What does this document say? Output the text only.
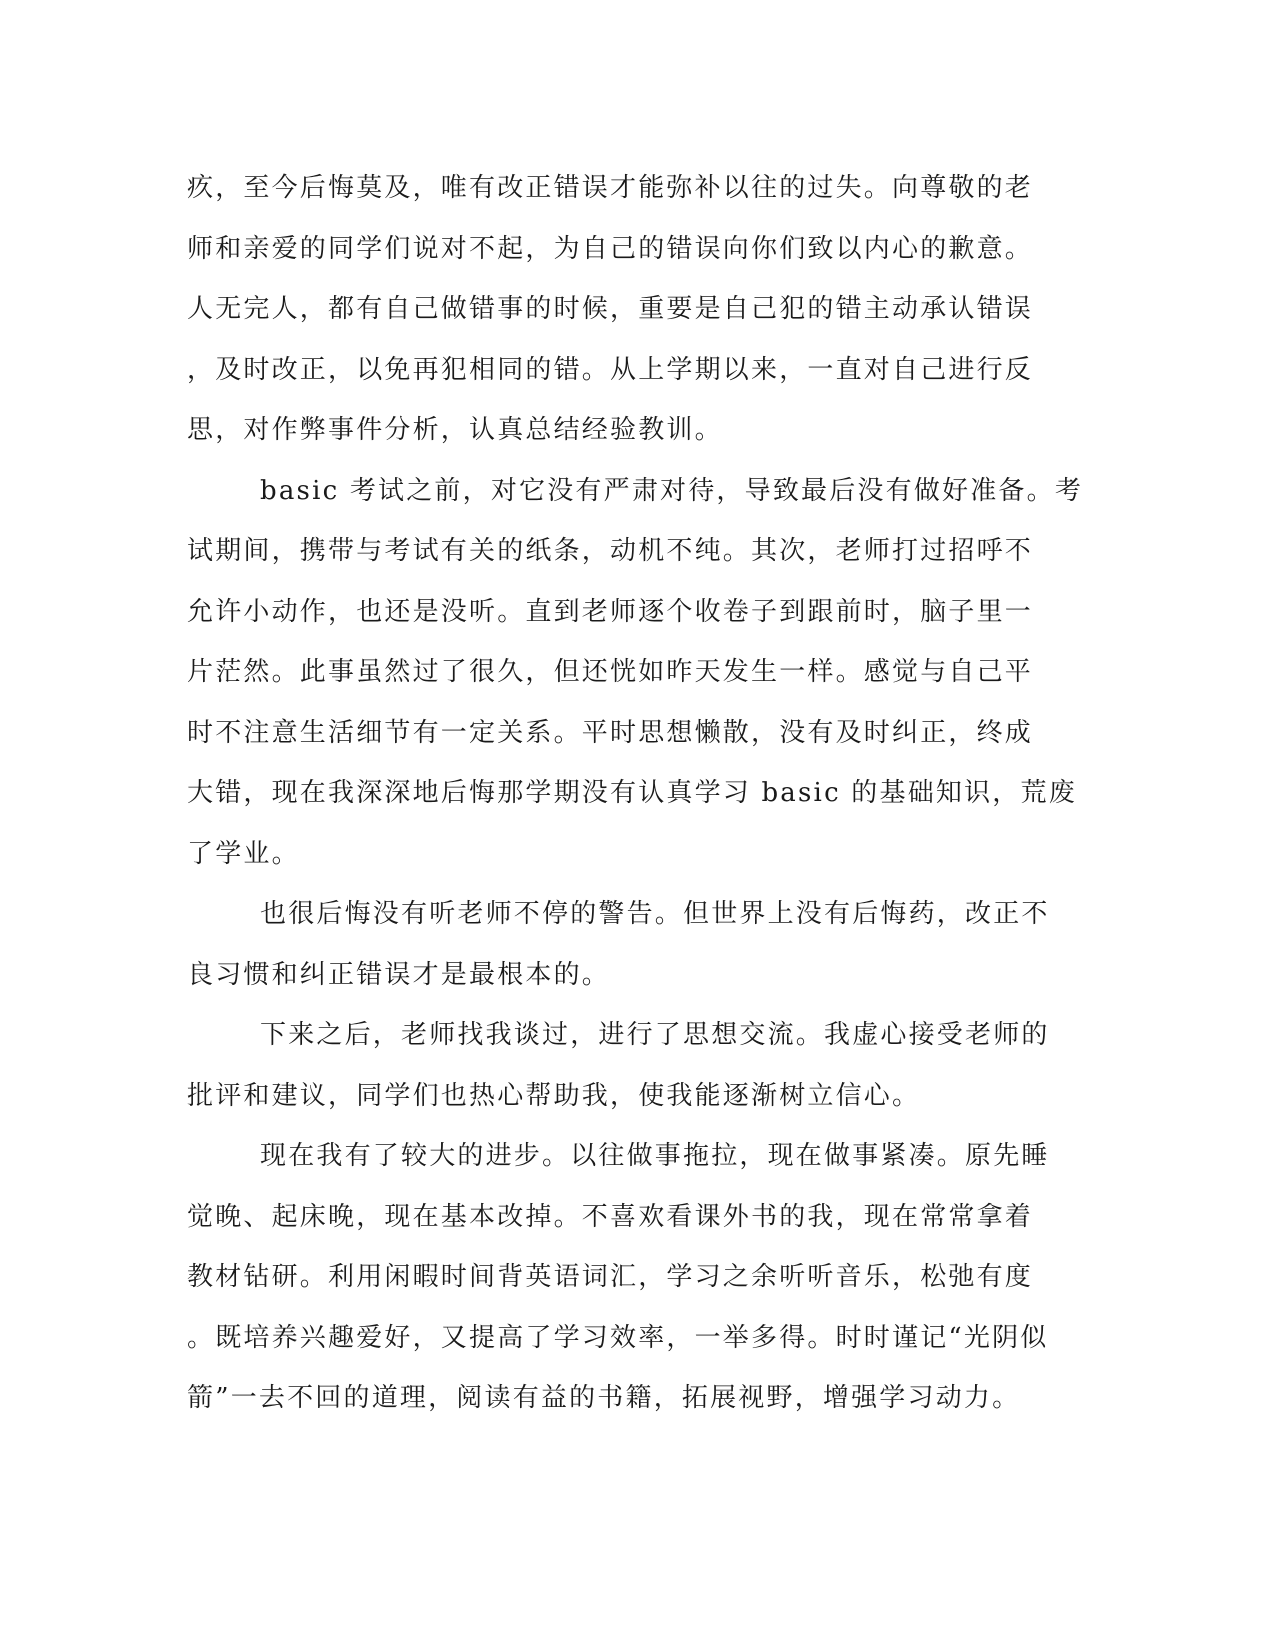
疚，至今后悔莫及，唯有改正错误才能弥补以往的过失。向尊敬的老
师和亲爱的同学们说对不起，为自己的错误向你们致以内心的歉意。
人无完人，都有自己做错事的时候，重要是自己犯的错主动承认错误
，及时改正，以免再犯相同的错。从上学期以来，一直对自己进行反
思，对作弊事件分析，认真总结经验教训。
basic 考试之前，对它没有严肃对待，导致最后没有做好准备。考
试期间，携带与考试有关的纸条，动机不纯。其次，老师打过招呼不
允许小动作，也还是没听。直到老师逐个收卷子到跟前时，脑子里一
片茫然。此事虽然过了很久，但还恍如昨天发生一样。感觉与自己平
时不注意生活细节有一定关系。平时思想懒散，没有及时纠正，终成
大错，现在我深深地后悔那学期没有认真学习 basic 的基础知识，荒废
了学业。
也很后悔没有听老师不停的警告。但世界上没有后悔药，改正不
良习惯和纠正错误才是最根本的。
下来之后，老师找我谈过，进行了思想交流。我虚心接受老师的
批评和建议，同学们也热心帮助我，使我能逐渐树立信心。
现在我有了较大的进步。以往做事拖拉，现在做事紧凑。原先睡
觉晚、起床晚，现在基本改掉。不喜欢看课外书的我，现在常常拿着
教材钻研。利用闲暇时间背英语词汇，学习之余听听音乐，松弛有度
。既培养兴趣爱好，又提高了学习效率，一举多得。时时谨记“光阴似
箭”一去不回的道理，阅读有益的书籍，拓展视野，增强学习动力。
